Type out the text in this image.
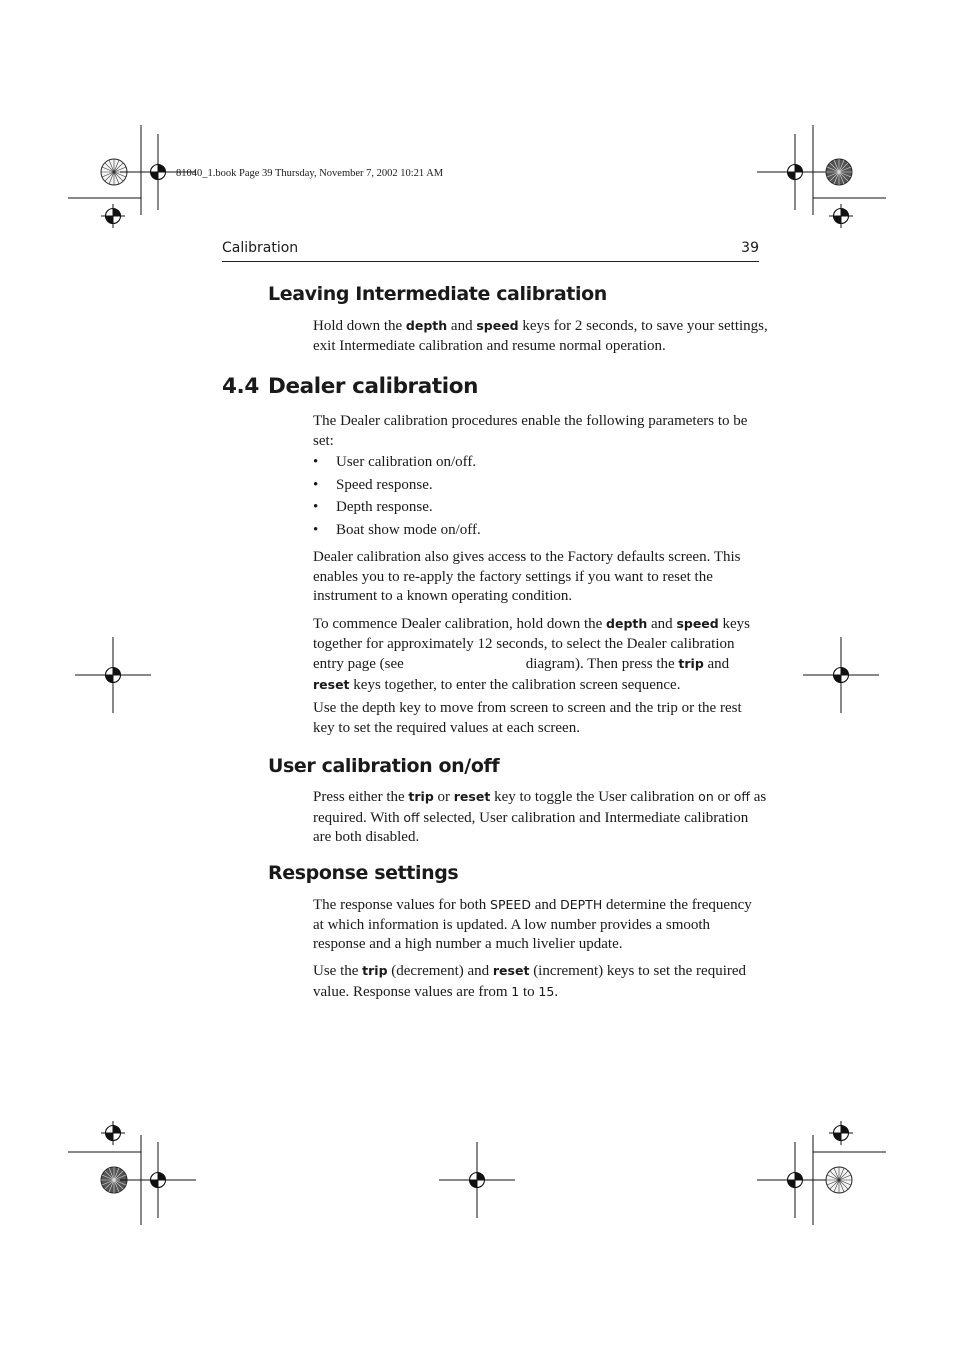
81040_1.book Page 39 Thursday, November 7, 2002 10:21 AM
Calibration	39
Leaving Intermediate calibration

Hold down the depth and speed keys for 2 seconds, to save your settings,
exit Intermediate calibration and resume normal operation.

4.4 Dealer calibration

The Dealer calibration procedures enable the following parameters to be
set:

• User calibration on/off.
• Speed response.
• Depth response.
• Boat show mode on/off.

Dealer calibration also gives access to the Factory defaults screen. This
enables you to re-apply the factory settings if you want to reset the
instrument to a known operating condition.

To commence Dealer calibration, hold down the depth and speed keys
together for approximately 12 seconds, to select the Dealer calibration
entry page (see	diagram). Then press the trip and
reset keys together, to enter the calibration screen sequence.

Use the depth key to move from screen to screen and the trip or the rest
key to set the required values at each screen.

User calibration on/off

Press either the trip or reset key to toggle the User calibration on or off as
required. With off selected, User calibration and Intermediate calibration
are both disabled.

Response settings

The response values for both SPEED and DEPTH determine the frequency
at which information is updated. A low number provides a smooth
response and a high number a much livelier update.

Use the trip (decrement) and reset (increment) keys to set the required
value. Response values are from 1 to 15.
